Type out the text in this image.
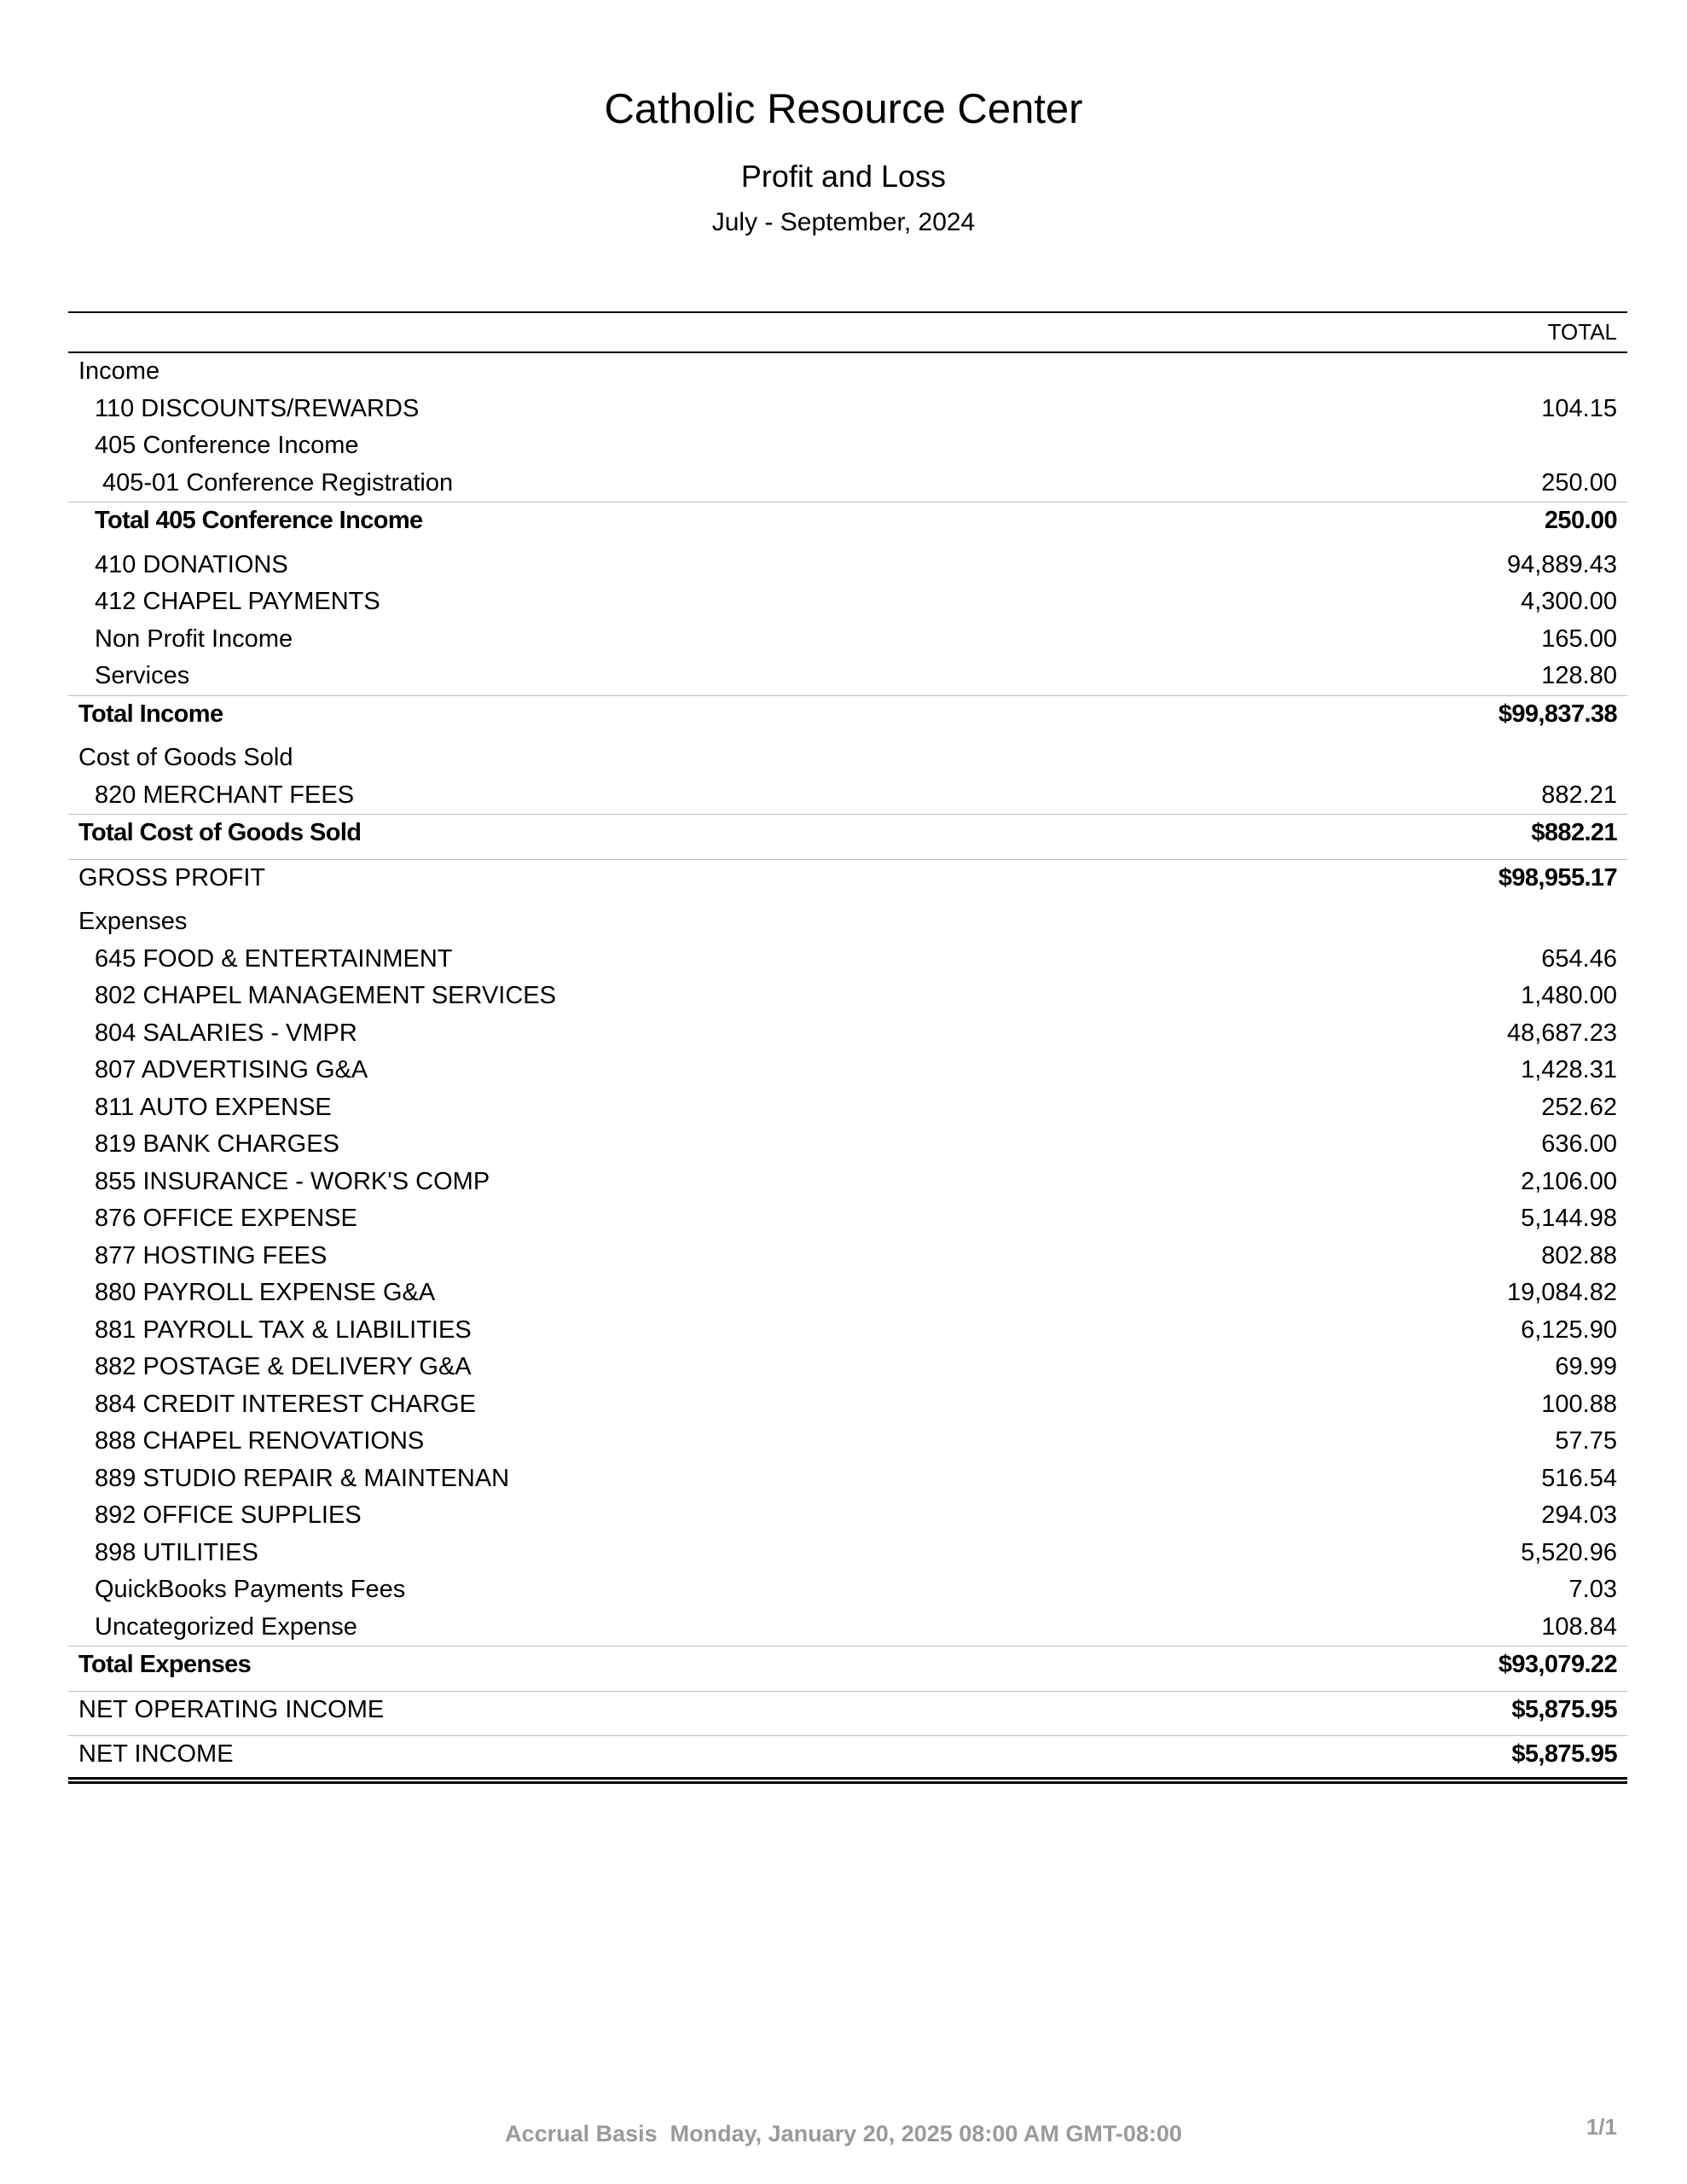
Catholic Resource Center
Profit and Loss
July - September, 2024
TOTAL
Income
110 DISCOUNTS/REWARDS	104.15
405 Conference Income
405-01 Conference Registration	250.00
Total 405 Conference Income	250.00
410 DONATIONS	94,889.43
412 CHAPEL PAYMENTS	4,300.00
Non Profit Income	165.00
Services	128.80
Total Income	$99,837.38
Cost of Goods Sold
820 MERCHANT FEES	882.21
Total Cost of Goods Sold	$882.21
GROSS PROFIT	$98,955.17
Expenses
645 FOOD & ENTERTAINMENT	654.46
802 CHAPEL MANAGEMENT SERVICES	1,480.00
804 SALARIES - VMPR	48,687.23
807 ADVERTISING G&A	1,428.31
811 AUTO EXPENSE	252.62
819 BANK CHARGES	636.00
855 INSURANCE - WORK'S COMP	2,106.00
876 OFFICE EXPENSE	5,144.98
877 HOSTING FEES	802.88
880 PAYROLL EXPENSE G&A	19,084.82
881 PAYROLL TAX & LIABILITIES	6,125.90
882 POSTAGE & DELIVERY G&A	69.99
884 CREDIT INTEREST CHARGE	100.88
888 CHAPEL RENOVATIONS	57.75
889 STUDIO REPAIR & MAINTENAN	516.54
892 OFFICE SUPPLIES	294.03
898 UTILITIES	5,520.96
QuickBooks Payments Fees	7.03
Uncategorized Expense	108.84
Total Expenses	$93,079.22
NET OPERATING INCOME	$5,875.95
NET INCOME	$5,875.95
Accrual Basis  Monday, January 20, 2025 08:00 AM GMT-08:00	1/1
